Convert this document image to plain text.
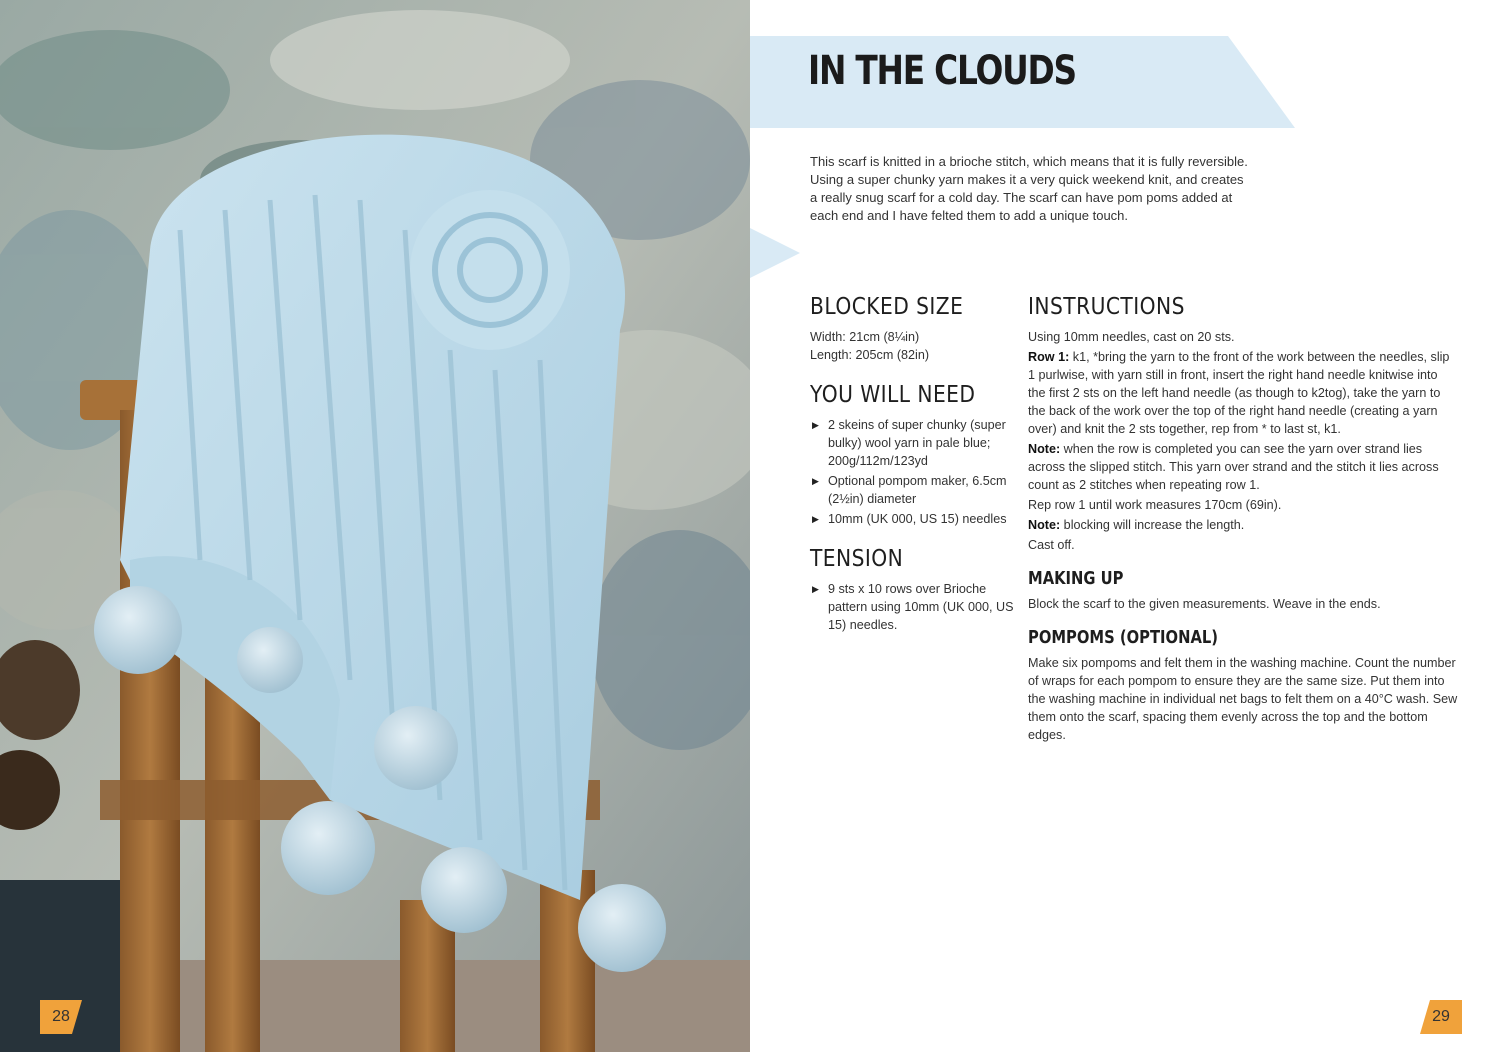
28
IN THE CLOUDS

This scarf is knitted in a brioche stitch, which means that it is fully reversible. Using a super chunky yarn makes it a very quick weekend knit, and creates a really snug scarf for a cold day. The scarf can have pom poms added at each end and I have felted them to add a unique touch.

BLOCKED SIZE

Width: 21cm (8¼in)

Length: 205cm (82in)

YOU WILL NEED
▶ 2 skeins of super chunky (super bulky) wool yarn in pale blue; 200g/112m/123yd
▶ Optional pompom maker, 6.5cm (2½in) diameter
▶ 10mm (UK 000, US 15) needles
TENSION
▶ 9 sts x 10 rows over Brioche pattern using 10mm (UK 000, US 15) needles.
INSTRUCTIONS

Using 10mm needles, cast on 20 sts.

Row 1: k1, *bring the yarn to the front of the work between the needles, slip 1 purlwise, with yarn still in front, insert the right hand needle knitwise into the first 2 sts on the left hand needle (as though to k2tog), take the yarn to the back of the work over the top of the right hand needle (creating a yarn over) and knit the 2 sts together, rep from * to last st, k1.

Note: when the row is completed you can see the yarn over strand lies across the slipped stitch. This yarn over strand and the stitch it lies across count as 2 stitches when repeating row 1.

Rep row 1 until work measures 170cm (69in).

Note: blocking will increase the length.

Cast off.

MAKING UP

Block the scarf to the given measurements. Weave in the ends.

POMPOMS (OPTIONAL)

Make six pompoms and felt them in the washing machine. Count the number of wraps for each pompom to ensure they are the same size. Put them into the washing machine in individual net bags to felt them on a 40°C wash. Sew them onto the scarf, spacing them evenly across the top and the bottom edges.

29
